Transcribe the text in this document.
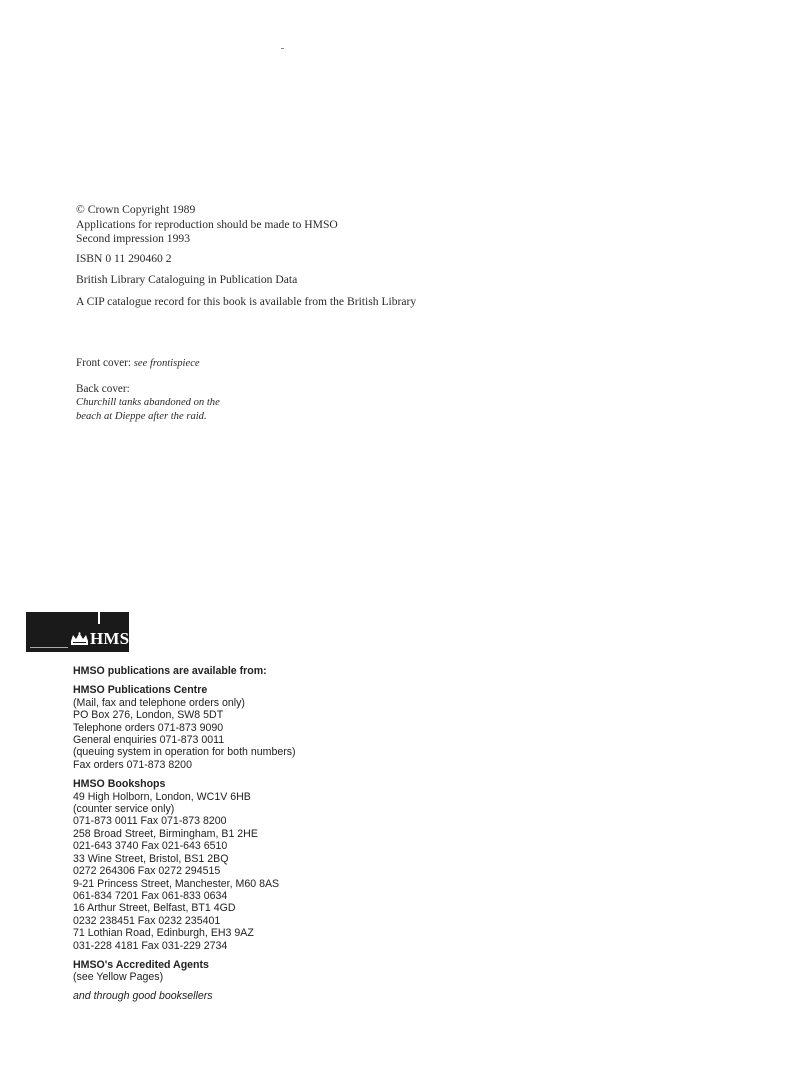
© Crown Copyright 1989
Applications for reproduction should be made to HMSO
Second impression 1993
ISBN 0 11 290460 2
British Library Cataloguing in Publication Data
A CIP catalogue record for this book is available from the British Library
Front cover: see frontispiece
Back cover:
Churchill tanks abandoned on the
beach at Dieppe after the raid.
HMSO
HMSO publications are available from:
HMSO Publications Centre
(Mail, fax and telephone orders only)
PO Box 276, London, SW8 5DT
Telephone orders 071-873 9090
General enquiries 071-873 0011
(queuing system in operation for both numbers)
Fax orders 071-873 8200
HMSO Bookshops
49 High Holborn, London, WC1V 6HB
(counter service only)
071-873 0011 Fax 071-873 8200
258 Broad Street, Birmingham, B1 2HE
021-643 3740 Fax 021-643 6510
33 Wine Street, Bristol, BS1 2BQ
0272 264306 Fax 0272 294515
9-21 Princess Street, Manchester, M60 8AS
061-834 7201 Fax 061-833 0634
16 Arthur Street, Belfast, BT1 4GD
0232 238451 Fax 0232 235401
71 Lothian Road, Edinburgh, EH3 9AZ
031-228 4181 Fax 031-229 2734
HMSO's Accredited Agents
(see Yellow Pages)
and through good booksellers
